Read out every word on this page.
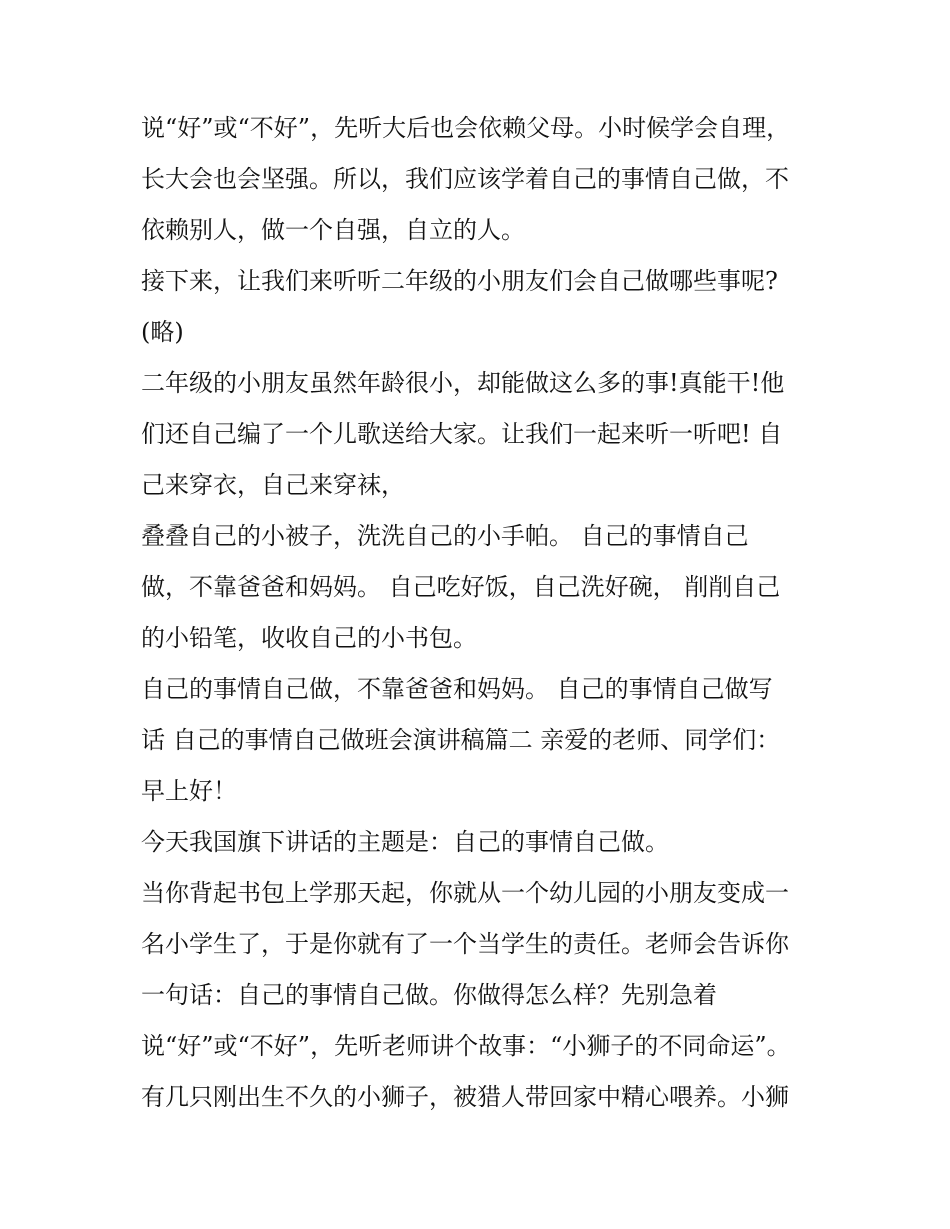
说“好”或“不好”，先听大后也会依赖父母。小时候学会自理，
长大会也会坚强。所以，我们应该学着自己的事情自己做，不
依赖别人，做一个自强，自立的人。
接下来，让我们来听听二年级的小朋友们会自己做哪些事呢?
(略)
二年级的小朋友虽然年龄很小，却能做这么多的事!真能干!他
们还自己编了一个儿歌送给大家。让我们一起来听一听吧! 自
己来穿衣，自己来穿袜，
叠叠自己的小被子，洗洗自己的小手帕。 自己的事情自己
做，不靠爸爸和妈妈。 自己吃好饭，自己洗好碗， 削削自己
的小铅笔，收收自己的小书包。
自己的事情自己做，不靠爸爸和妈妈。 自己的事情自己做写
话 自己的事情自己做班会演讲稿篇二 亲爱的老师、同学们：
早上好！
今天我国旗下讲话的主题是：自己的事情自己做。
当你背起书包上学那天起，你就从一个幼儿园的小朋友变成一
名小学生了，于是你就有了一个当学生的责任。老师会告诉你
一句话：自己的事情自己做。你做得怎么样？先别急着
说“好”或“不好”，先听老师讲个故事：“小狮子的不同命运”。
有几只刚出生不久的小狮子，被猎人带回家中精心喂养。小狮
